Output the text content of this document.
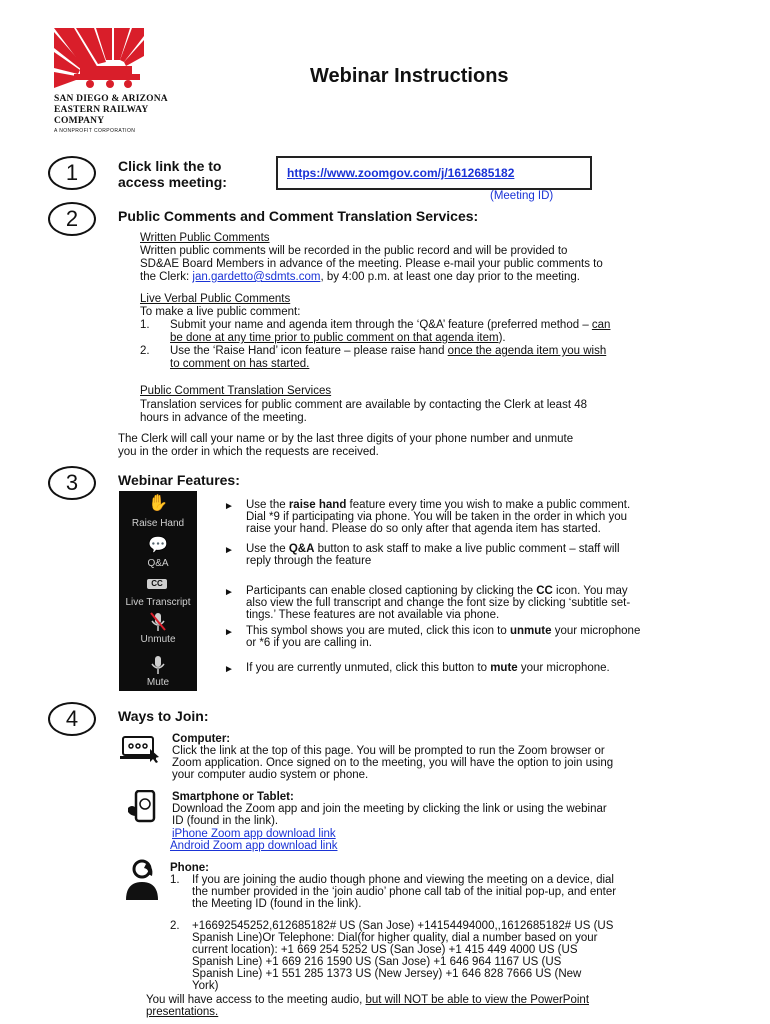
SAN DIEGO & ARIZONA
EASTERN RAILWAY
COMPANY
A NONPROFIT CORPORATION
Webinar Instructions
1	Click link the to
access meeting:
https://www.zoomgov.com/j/1612685182
(Meeting ID)
2	Public Comments and Comment Translation Services:
Written Public Comments
Written public comments will be recorded in the public record and will be provided to
SD&AE Board Members in advance of the meeting. Please e-mail your public comments to
the Clerk: jan.gardetto@sdmts.com, by 4:00 p.m. at least one day prior to the meeting.
Live Verbal Public Comments
To make a live public comment:
1. Submit your name and agenda item through the ‘Q&A’ feature (preferred method – can
be done at any time prior to public comment on that agenda item).
2. Use the ‘Raise Hand’ icon feature – please raise hand once the agenda item you wish
to comment on has started.
Public Comment Translation Services
Translation services for public comment are available by contacting the Clerk at least 48
hours in advance of the meeting.
The Clerk will call your name or by the last three digits of your phone number and unmute
you in the order in which the requests are received.
3	Webinar Features:
✋
Raise Hand
💬
Q&A
CC
Live Transcript
Unmute
Mute
► Use the raise hand feature every time you wish to make a public comment.
Dial *9 if participating via phone. You will be taken in the order in which you
raise your hand. Please do so only after that agenda item has started.
► Use the Q&A button to ask staff to make a live public comment – staff will
reply through the feature
► Participants can enable closed captioning by clicking the CC icon. You may
also view the full transcript and change the font size by clicking ‘subtitle set-
tings.’ These features are not available via phone.
► This symbol shows you are muted, click this icon to unmute your microphone
or *6 if you are calling in.
► If you are currently unmuted, click this button to mute your microphone.
4	Ways to Join:
Computer:
Click the link at the top of this page. You will be prompted to run the Zoom browser or
Zoom application. Once signed on to the meeting, you will have the option to join using
your computer audio system or phone.
Smartphone or Tablet:
Download the Zoom app and join the meeting by clicking the link or using the webinar
ID (found in the link).
iPhone Zoom app download link
Android Zoom app download link
Phone:
1. If you are joining the audio though phone and viewing the meeting on a device, dial
the number provided in the ‘join audio’ phone call tab of the initial pop-up, and enter
the Meeting ID (found in the link).
2. +16692545252,612685182# US (San Jose) +14154494000,,1612685182# US (US
Spanish Line)Or Telephone: Dial(for higher quality, dial a number based on your
current location): +1 669 254 5252 US (San Jose) +1 415 449 4000 US (US
Spanish Line) +1 669 216 1590 US (San Jose) +1 646 964 1167 US (US
Spanish Line) +1 551 285 1373 US (New Jersey) +1 646 828 7666 US (New
York)
You will have access to the meeting audio, but will NOT be able to view the PowerPoint
presentations.
